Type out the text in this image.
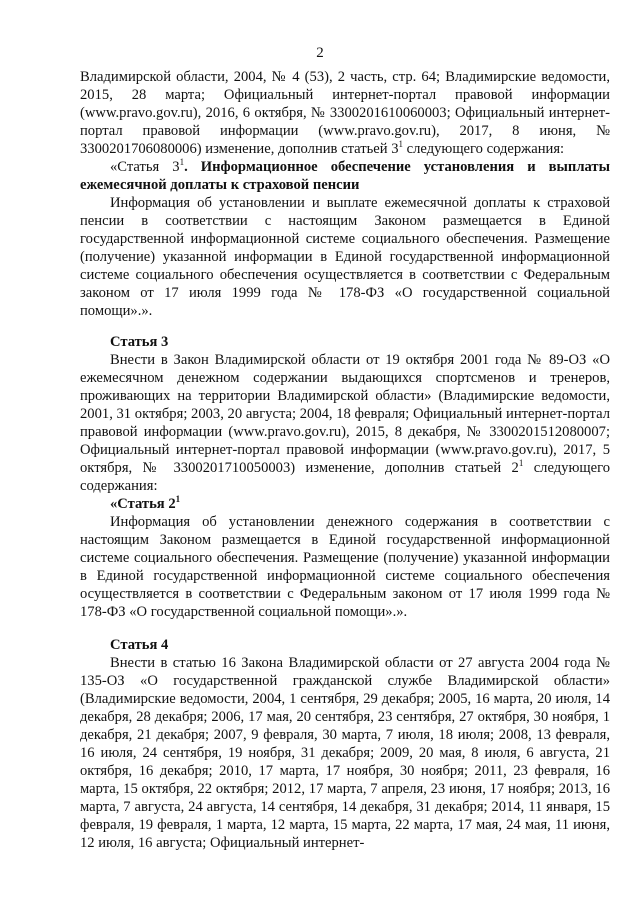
2

Владимирской области, 2004, № 4 (53), 2 часть, стр. 64; Владимирские ведомости, 2015, 28 марта; Официальный интернет-портал правовой информации (www.pravo.gov.ru), 2016, 6 октября, № 3300201610060003; Официальный интернет-портал правовой информации (www.pravo.gov.ru), 2017, 8 июня, № 3300201706080006) изменение, дополнив статьей $3^1$ следующего содержания:

«Статья $3^1$. Информационное обеспечение установления и выплаты ежемесячной доплаты к страховой пенсии

Информация об установлении и выплате ежемесячной доплаты к страховой пенсии в соответствии с настоящим Законом размещается в Единой государственной информационной системе социального обеспечения. Размещение (получение) указанной информации в Единой государственной информационной системе социального обеспечения осуществляется в соответствии с Федеральным законом от 17 июля 1999 года № 178-ФЗ «О государственной социальной помощи».».

Статья 3

Внести в Закон Владимирской области от 19 октября 2001 года № 89-ОЗ «О ежемесячном денежном содержании выдающихся спортсменов и тренеров, проживающих на территории Владимирской области» (Владимирские ведомости, 2001, 31 октября; 2003, 20 августа; 2004, 18 февраля; Официальный интернет-портал правовой информации (www.pravo.gov.ru), 2015, 8 декабря, № 3300201512080007; Официальный интернет-портал правовой информации (www.pravo.gov.ru), 2017, 5 октября, № 3300201710050003) изменение, дополнив статьей $2^1$ следующего содержания:

«Статья $2^1$

Информация об установлении денежного содержания в соответствии с настоящим Законом размещается в Единой государственной информационной системе социального обеспечения. Размещение (получение) указанной информации в Единой государственной информационной системе социального обеспечения осуществляется в соответствии с Федеральным законом от 17 июля 1999 года № 178-ФЗ «О государственной социальной помощи».».

Статья 4

Внести в статью 16 Закона Владимирской области от 27 августа 2004 года № 135-ОЗ «О государственной гражданской службе Владимирской области» (Владимирские ведомости, 2004, 1 сентября, 29 декабря; 2005, 16 марта, 20 июля, 14 декабря, 28 декабря; 2006, 17 мая, 20 сентября, 23 сентября, 27 октября, 30 ноября, 1 декабря, 21 декабря; 2007, 9 февраля, 30 марта, 7 июля, 18 июля; 2008, 13 февраля, 16 июля, 24 сентября, 19 ноября, 31 декабря; 2009, 20 мая, 8 июля, 6 августа, 21 октября, 16 декабря; 2010, 17 марта, 17 ноября, 30 ноября; 2011, 23 февраля, 16 марта, 15 октября, 22 октября; 2012, 17 марта, 7 апреля, 23 июня, 17 ноября; 2013, 16 марта, 7 августа, 24 августа, 14 сентября, 14 декабря, 31 декабря; 2014, 11 января, 15 февраля, 19 февраля, 1 марта, 12 марта, 15 марта, 22 марта, 17 мая, 24 мая, 11 июня, 12 июля, 16 августа; Официальный интернет-
